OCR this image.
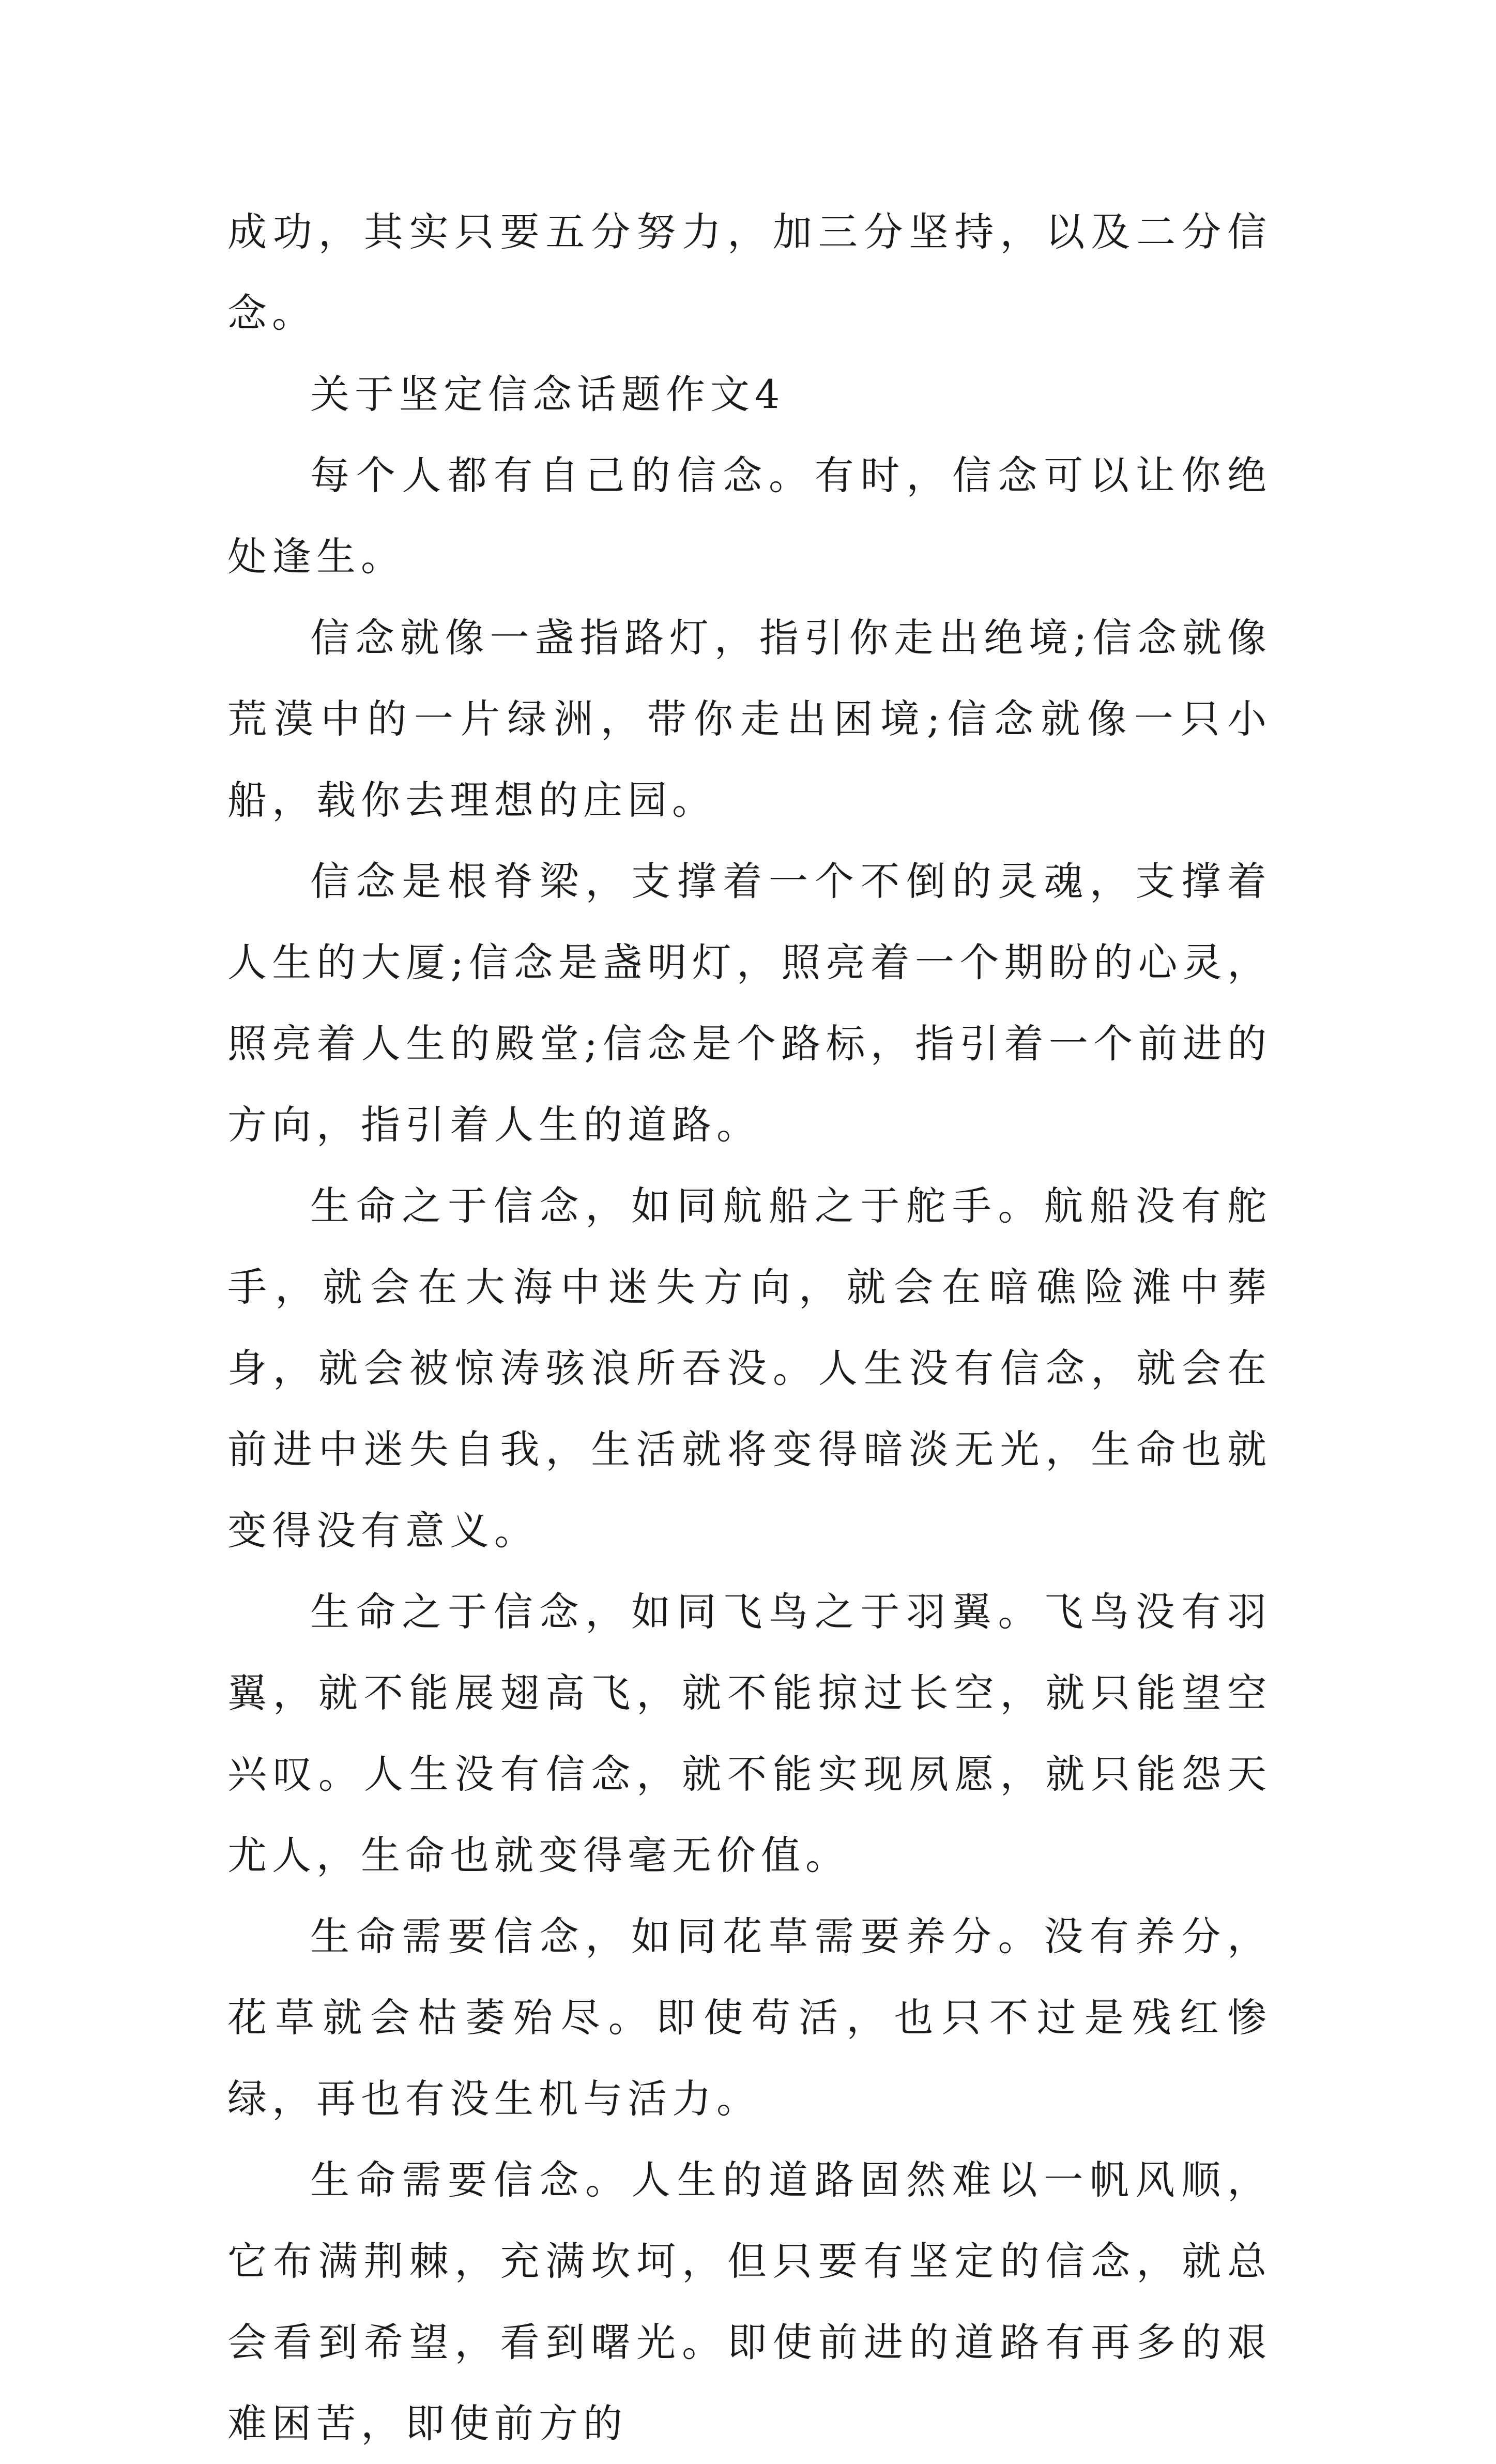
成功，其实只要五分努力，加三分坚持，以及二分信念。

关于坚定信念话题作文4

每个人都有自己的信念。有时，信念可以让你绝处逢生。

信念就像一盏指路灯，指引你走出绝境;信念就像荒漠中的一片绿洲，带你走出困境;信念就像一只小船，载你去理想的庄园。

信念是根脊梁，支撑着一个不倒的灵魂，支撑着人生的大厦;信念是盏明灯，照亮着一个期盼的心灵，照亮着人生的殿堂;信念是个路标，指引着一个前进的方向，指引着人生的道路。

生命之于信念，如同航船之于舵手。航船没有舵手，就会在大海中迷失方向，就会在暗礁险滩中葬身，就会被惊涛骇浪所吞没。人生没有信念，就会在前进中迷失自我，生活就将变得暗淡无光，生命也就变得没有意义。

生命之于信念，如同飞鸟之于羽翼。飞鸟没有羽翼，就不能展翅高飞，就不能掠过长空，就只能望空兴叹。人生没有信念，就不能实现夙愿，就只能怨天尤人，生命也就变得毫无价值。

生命需要信念，如同花草需要养分。没有养分，花草就会枯萎殆尽。即使苟活，也只不过是残红惨绿，再也有没生机与活力。

生命需要信念。人生的道路固然难以一帆风顺，它布满荆棘，充满坎坷，但只要有坚定的信念，就总会看到希望，看到曙光。即使前进的道路有再多的艰难困苦，即使前方的
